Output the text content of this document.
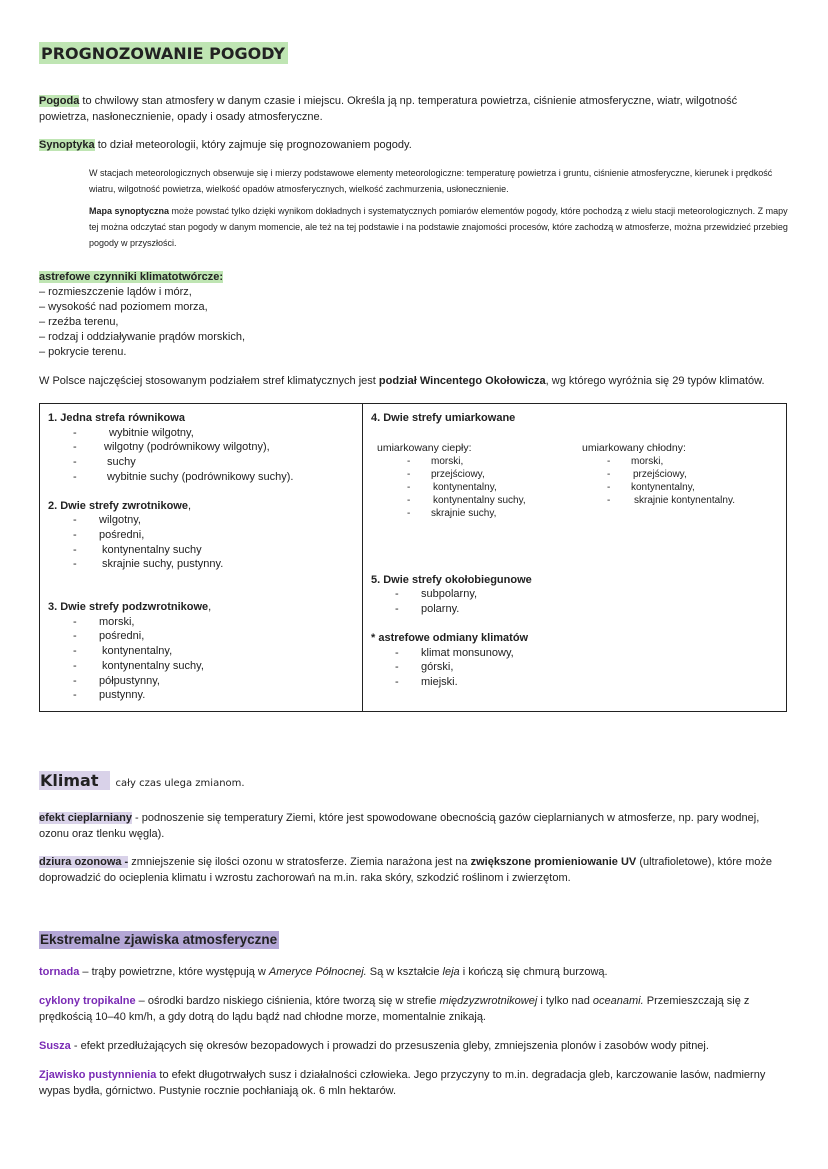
PROGNOZOWANIE POGODY

Pogoda to chwilowy stan atmosfery w danym czasie i miejscu. Określa ją np. temperatura powietrza, ciśnienie atmosferyczne, wiatr, wilgotność powietrza, nasłonecznienie, opady i osady atmosferyczne.

Synoptyka to dział meteorologii, który zajmuje się prognozowaniem pogody.

W stacjach meteorologicznych obserwuje się i mierzy podstawowe elementy meteorologiczne: temperaturę powietrza i gruntu, ciśnienie atmosferyczne, kierunek i prędkość wiatru, wilgotność powietrza, wielkość opadów atmosferycznych, wielkość zachmurzenia, usłonecznienie.

Mapa synoptyczna może powstać tylko dzięki wynikom dokładnych i systematycznych pomiarów elementów pogody, które pochodzą z wielu stacji meteorologicznych. Z mapy tej można odczytać stan pogody w danym momencie, ale też na tej podstawie i na podstawie znajomości procesów, które zachodzą w atmosferze, można przewidzieć przebieg pogody w przyszłości.

astrefowe czynniki klimatotwórcze:
– rozmieszczenie lądów i mórz,
– wysokość nad poziomem morza,
– rzeźba terenu,
– rodzaj i oddziaływanie prądów morskich,
– pokrycie terenu.

W Polsce najczęściej stosowanym podziałem stref klimatycznych jest podział Wincentego Okołowicza, wg którego wyróżnia się 29 typów klimatów.

1. Jedna strefa równikowa
-	wybitnie wilgotny,
- wilgotny (podrównikowy wilgotny),
-	suchy
-	wybitnie suchy (podrównikowy suchy).
2. Dwie strefy zwrotnikowe,
- wilgotny,
- pośredni,
- kontynentalny suchy
- skrajnie suchy, pustynny.
3. Dwie strefy podzwrotnikowe,
- morski,
- pośredni,
- kontynentalny,
- kontynentalny suchy,
- półpustynny,
- pustynny.

4. Dwie strefy umiarkowane
umiarkowany ciepły:
- morski,
- przejściowy,
- kontynentalny,
- kontynentalny suchy,
- skrajnie suchy,
umiarkowany chłodny:
- morski,
- przejściowy,
- kontynentalny,
- skrajnie kontynentalny.
5. Dwie strefy okołobiegunowe
- subpolarny,
- polarny.
* astrefowe odmiany klimatów
- klimat monsunowy,
- górski,
- miejski.
Klimat cały czas ulega zmianom.

efekt cieplarniany - podnoszenie się temperatury Ziemi, które jest spowodowane obecnością gazów cieplarnianych w atmosferze, np. pary wodnej, ozonu oraz tlenku węgla).

dziura ozonowa - zmniejszenie się ilości ozonu w stratosferze. Ziemia narażona jest na zwiększone promieniowanie UV (ultrafioletowe), które może doprowadzić do ocieplenia klimatu i wzrostu zachorowań na m.in. raka skóry, szkodzić roślinom i zwierzętom.

Ekstremalne zjawiska atmosferyczne

tornada – trąby powietrzne, które występują w Ameryce Północnej. Są w kształcie leja i kończą się chmurą burzową.

cyklony tropikalne – ośrodki bardzo niskiego ciśnienia, które tworzą się w strefie międzyzwrotnikowej i tylko nad oceanami. Przemieszczają się z prędkością 10–40 km/h, a gdy dotrą do lądu bądź nad chłodne morze, momentalnie znikają.

Susza - efekt przedłużających się okresów bezopadowych i prowadzi do przesuszenia gleby, zmniejszenia plonów i zasobów wody pitnej.

Zjawisko pustynnienia to efekt długotrwałych susz i działalności człowieka. Jego przyczyny to m.in. degradacja gleb, karczowanie lasów, nadmierny wypas bydła, górnictwo. Pustynie rocznie pochłaniają ok. 6 mln hektarów.
